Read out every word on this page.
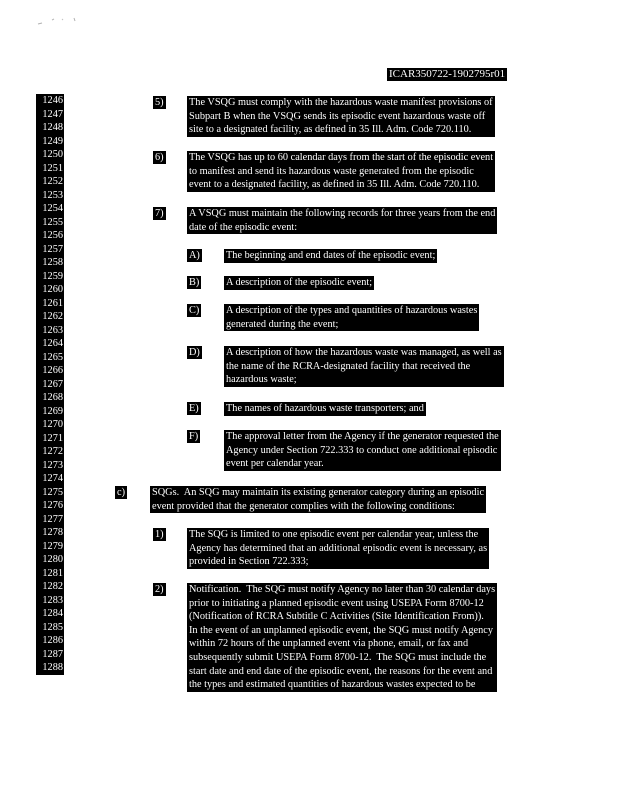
ICAR350722-1902795r01
1246
1247
1248
1249
1250
1251
1252
1253
1254
1255
1256
1257
1258
1259
1260
1261
1262
1263
1264
1265
1266
1267
1268
1269
1270
1271
1272
1273
1274
1275
1276
1277
1278
1279
1280
1281
1282
1283
1284
1285
1286
1287
1288
5) The VSQG must comply with the hazardous waste manifest provisions of
Subpart B when the VSQG sends its episodic event hazardous waste off
site to a designated facility, as defined in 35 Ill. Adm. Code 720.110.
6) The VSQG has up to 60 calendar days from the start of the episodic event
to manifest and send its hazardous waste generated from the episodic
event to a designated facility, as defined in 35 Ill. Adm. Code 720.110.
7) A VSQG must maintain the following records for three years from the end
date of the episodic event:
A)	The beginning and end dates of the episodic event;
B)	A description of the episodic event;
C)	A description of the types and quantities of hazardous wastes
generated during the event;
D)	A description of how the hazardous waste was managed, as well as
the name of the RCRA-designated facility that received the
hazardous waste;
E)	The names of hazardous waste transporters; and
F)	The approval letter from the Agency if the generator requested the
Agency under Section 722.333 to conduct one additional episodic
event per calendar year.
c)	SQGs.  An SQG may maintain its existing generator category during an episodic
event provided that the generator complies with the following conditions:
1) The SQG is limited to one episodic event per calendar year, unless the
Agency has determined that an additional episodic event is necessary, as
provided in Section 722.333;
2) Notification.  The SQG must notify Agency no later than 30 calendar days
prior to initiating a planned episodic event using USEPA Form 8700-12
(Notification of RCRA Subtitle C Activities (Site Identification From)).
In the event of an unplanned episodic event, the SQG must notify Agency
within 72 hours of the unplanned event via phone, email, or fax and
subsequently submit USEPA Form 8700-12.  The SQG must include the
start date and end date of the episodic event, the reasons for the event and
the types and estimated quantities of hazardous wastes expected to be
